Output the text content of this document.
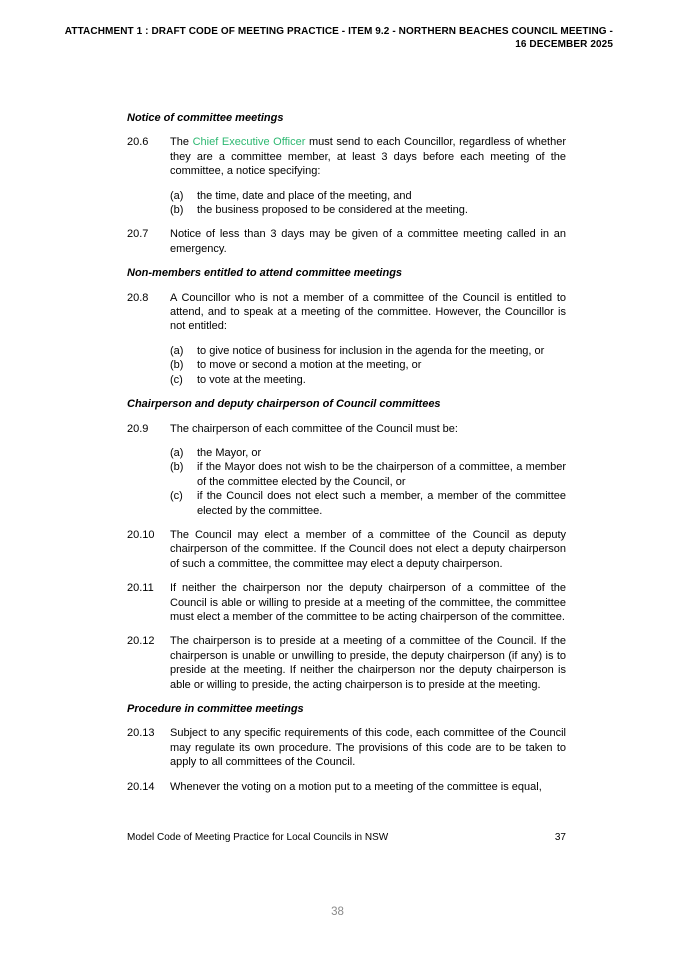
ATTACHMENT 1 : DRAFT CODE OF MEETING PRACTICE - ITEM 9.2 - NORTHERN BEACHES COUNCIL MEETING -
16 DECEMBER 2025
Notice of committee meetings
20.6	The Chief Executive Officer must send to each Councillor, regardless of whether they are a committee member, at least 3 days before each meeting of the committee, a notice specifying:

(a)	the time, date and place of the meeting, and
(b)	the business proposed to be considered at the meeting.
20.7	Notice of less than 3 days may be given of a committee meeting called in an emergency.

Non-members entitled to attend committee meetings
20.8	A Councillor who is not a member of a committee of the Council is entitled to attend, and to speak at a meeting of the committee. However, the Councillor is not entitled:

(a)	to give notice of business for inclusion in the agenda for the meeting, or
(b)	to move or second a motion at the meeting, or
(c)	to vote at the meeting.
Chairperson and deputy chairperson of Council committees
20.9	The chairperson of each committee of the Council must be:

(a)	the Mayor, or
(b)	if the Mayor does not wish to be the chairperson of a committee, a member of the committee elected by the Council, or
(c)	if the Council does not elect such a member, a member of the committee elected by the committee.
20.10	The Council may elect a member of a committee of the Council as deputy chairperson of the committee. If the Council does not elect a deputy chairperson of such a committee, the committee may elect a deputy chairperson.

20.11	If neither the chairperson nor the deputy chairperson of a committee of the Council is able or willing to preside at a meeting of the committee, the committee must elect a member of the committee to be acting chairperson of the committee.

20.12	The chairperson is to preside at a meeting of a committee of the Council. If the chairperson is unable or unwilling to preside, the deputy chairperson (if any) is to preside at the meeting. If neither the chairperson nor the deputy chairperson is able or willing to preside, the acting chairperson is to preside at the meeting.

Procedure in committee meetings
20.13	Subject to any specific requirements of this code, each committee of the Council may regulate its own procedure. The provisions of this code are to be taken to apply to all committees of the Council.

20.14	Whenever the voting on a motion put to a meeting of the committee is equal,

Model Code of Meeting Practice for Local Councils in NSW	37
38
